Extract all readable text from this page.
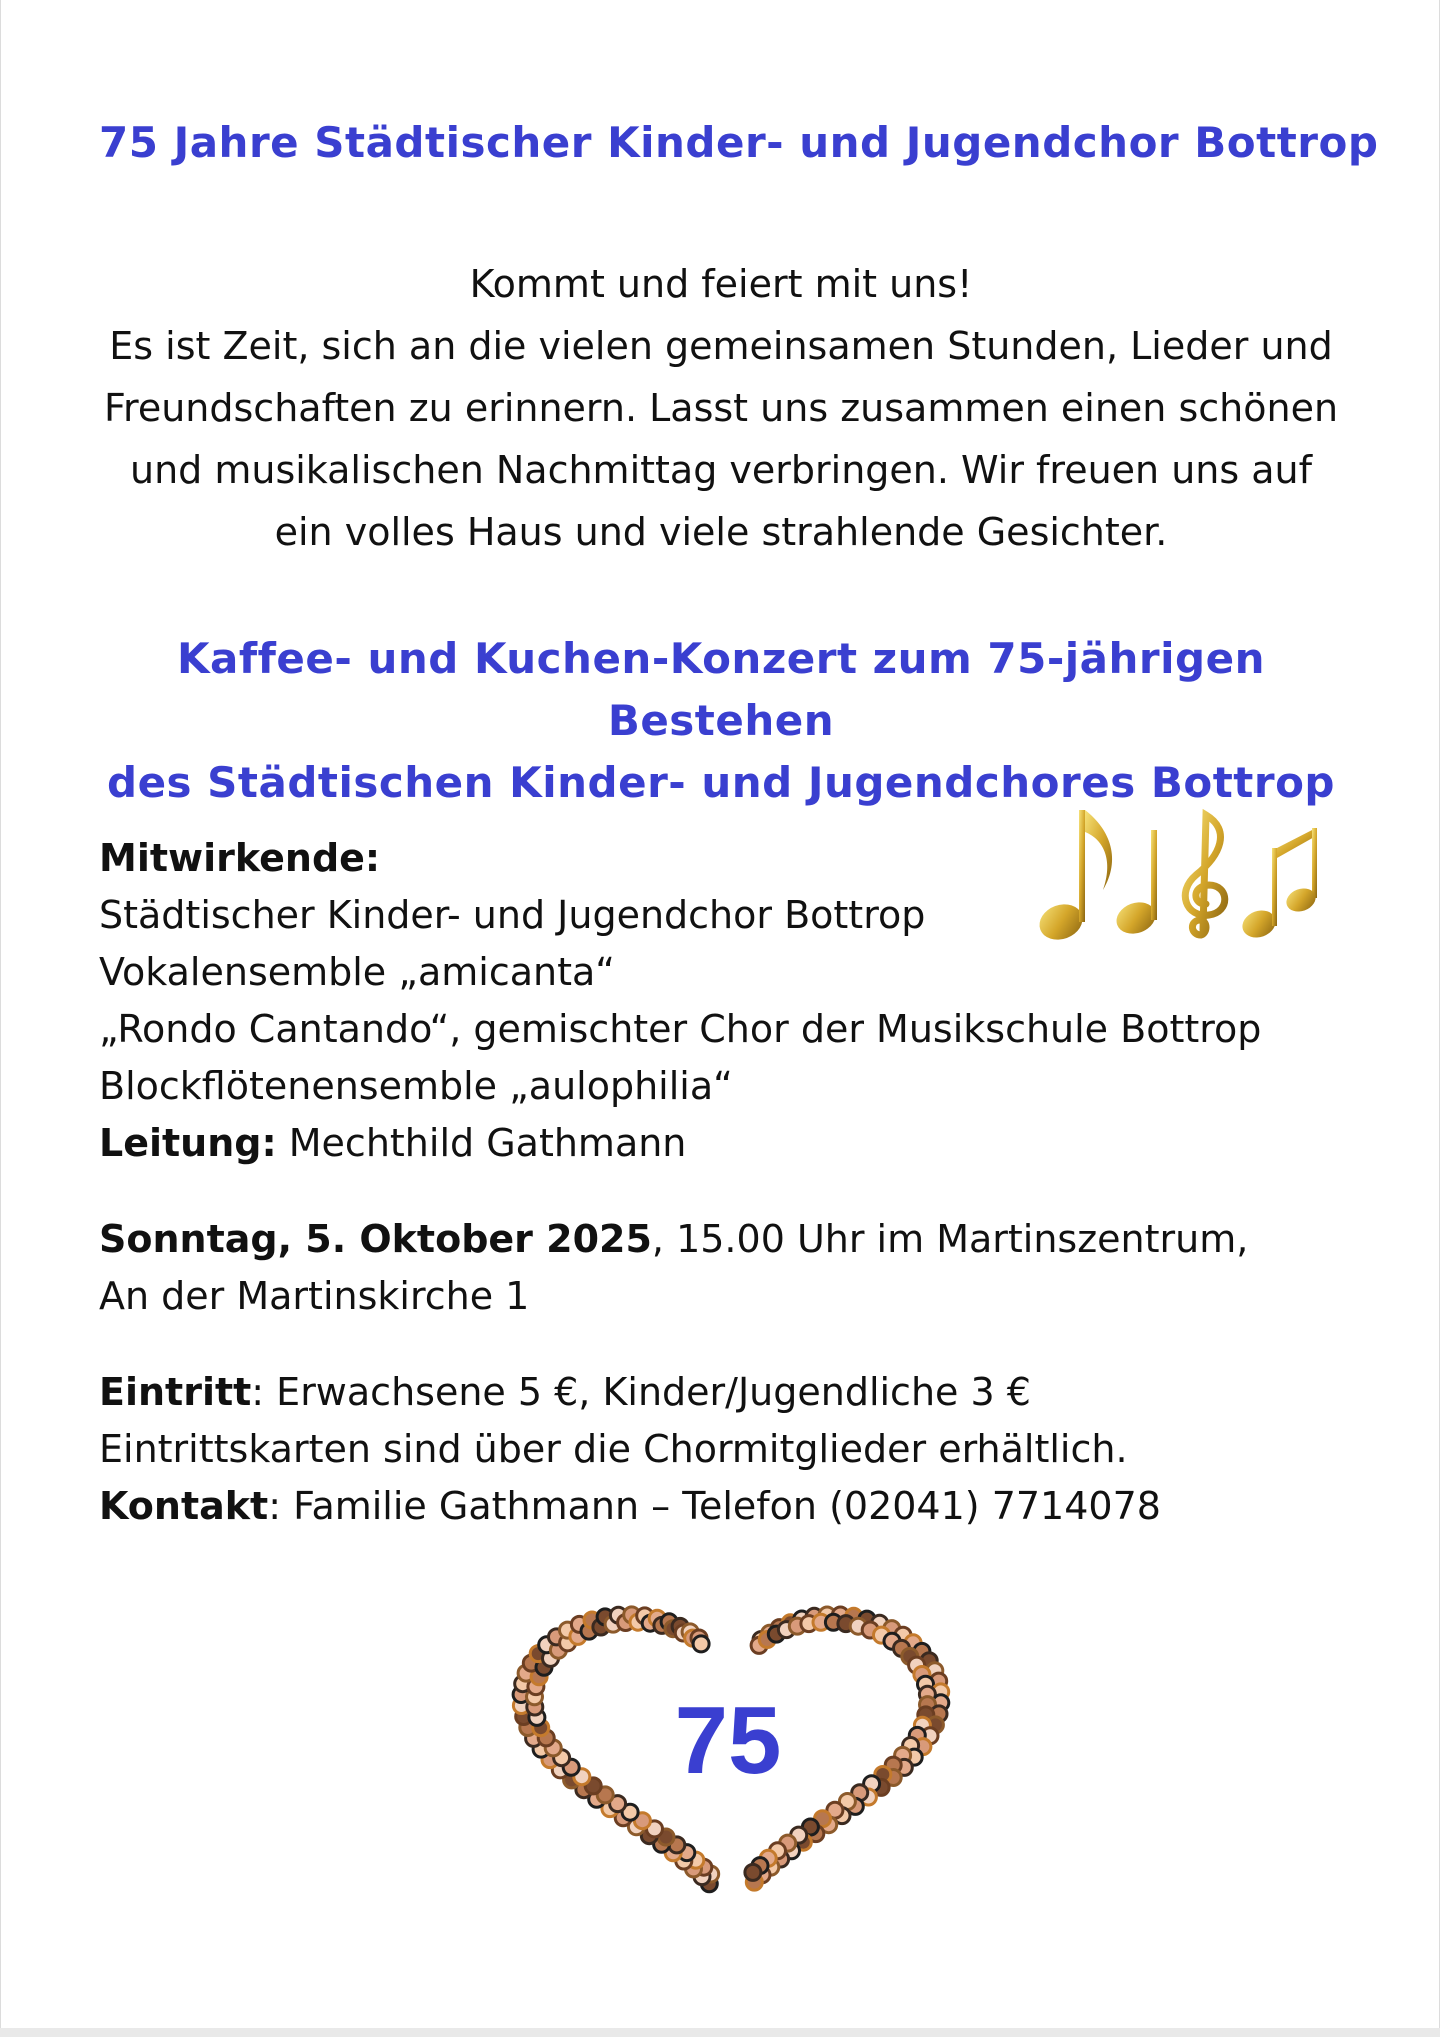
75 Jahre Städtischer Kinder- und Jugendchor Bottrop

Kommt und feiert mit uns!

Es ist Zeit, sich an die vielen gemeinsamen Stunden, Lieder und

Freundschaften zu erinnern. Lasst uns zusammen einen schönen

und musikalischen Nachmittag verbringen. Wir freuen uns auf

ein volles Haus und viele strahlende Gesichter.

Kaffee- und Kuchen-Konzert zum 75-jährigen Bestehen

des Städtischen Kinder- und Jugendchores Bottrop

Mitwirkende:

Städtischer Kinder- und Jugendchor Bottrop

Vokalensemble „amicanta“

„Rondo Cantando“, gemischter Chor der Musikschule Bottrop

Blockflötenensemble „aulophilia“

Leitung: Mechthild Gathmann

Sonntag, 5. Oktober 2025, 15.00 Uhr im Martinszentrum,

An der Martinskirche 1

Eintritt: Erwachsene 5 €, Kinder/Jugendliche 3 €

Eintrittskarten sind über die Chormitglieder erhältlich.

Kontakt: Familie Gathmann – Telefon (02041) 7714078

75
